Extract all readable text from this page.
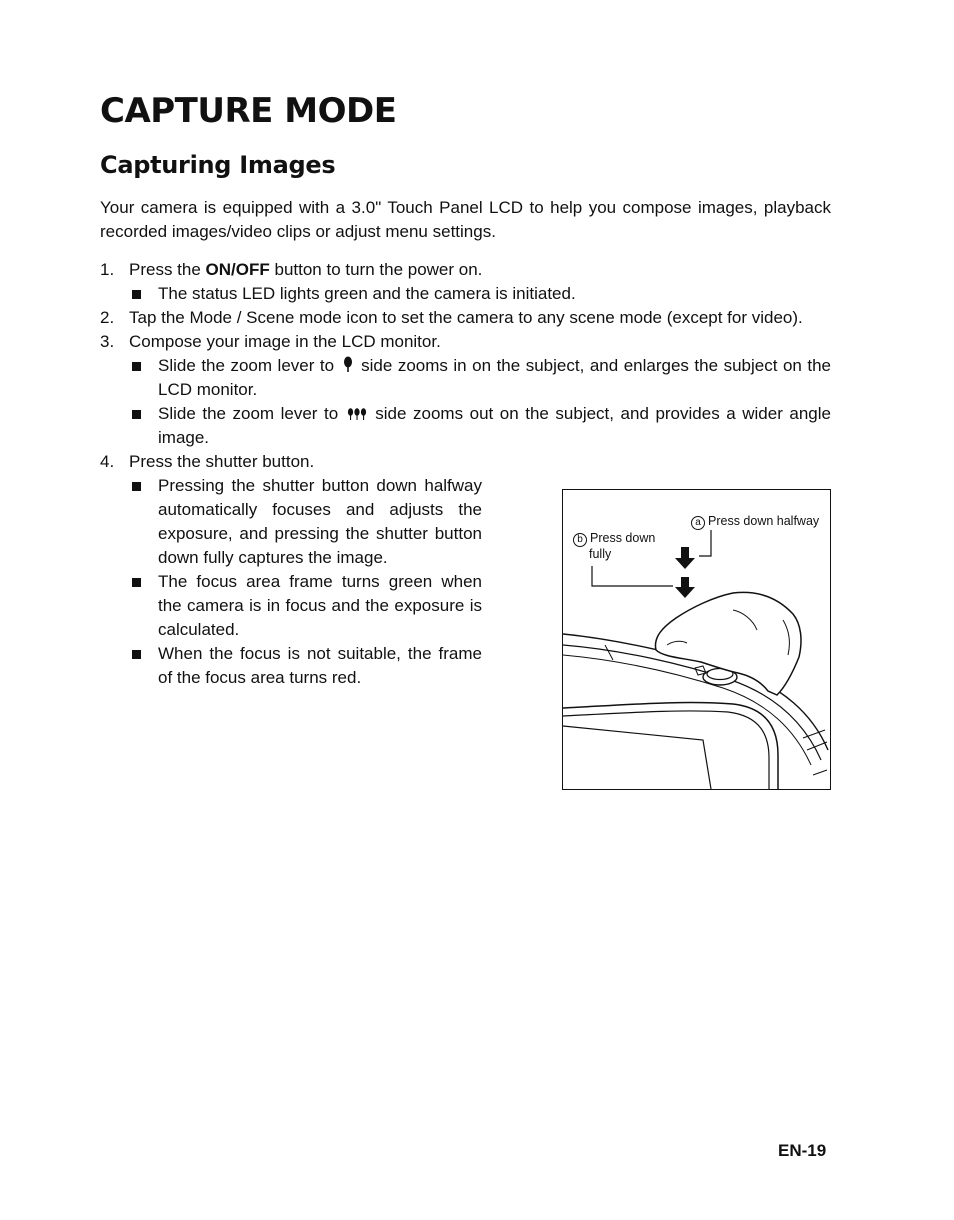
CAPTURE MODE
Capturing Images

Your camera is equipped with a 3.0" Touch Panel LCD to help you compose images, playback recorded images/video clips or adjust menu settings.

1. Press the ON/OFF button to turn the power on.
The status LED lights green and the camera is initiated.
2. Tap the Mode / Scene mode icon to set the camera to any scene mode (except for video).
3. Compose your image in the LCD monitor.
Slide the zoom lever to  side zooms in on the subject, and enlarges the subject on the LCD monitor.
Slide the zoom lever to  side zooms out on the subject, and provides a wider angle image.
4. Press the shutter button.
Pressing the shutter button down halfway automatically focuses and adjusts the exposure, and pressing the shutter button down fully captures the image.
The focus area frame turns green when the camera is in focus and the exposure is calculated.
When the focus is not suitable, the frame of the focus area turns red.
a Press down halfway
b Press down
fully
EN-19
